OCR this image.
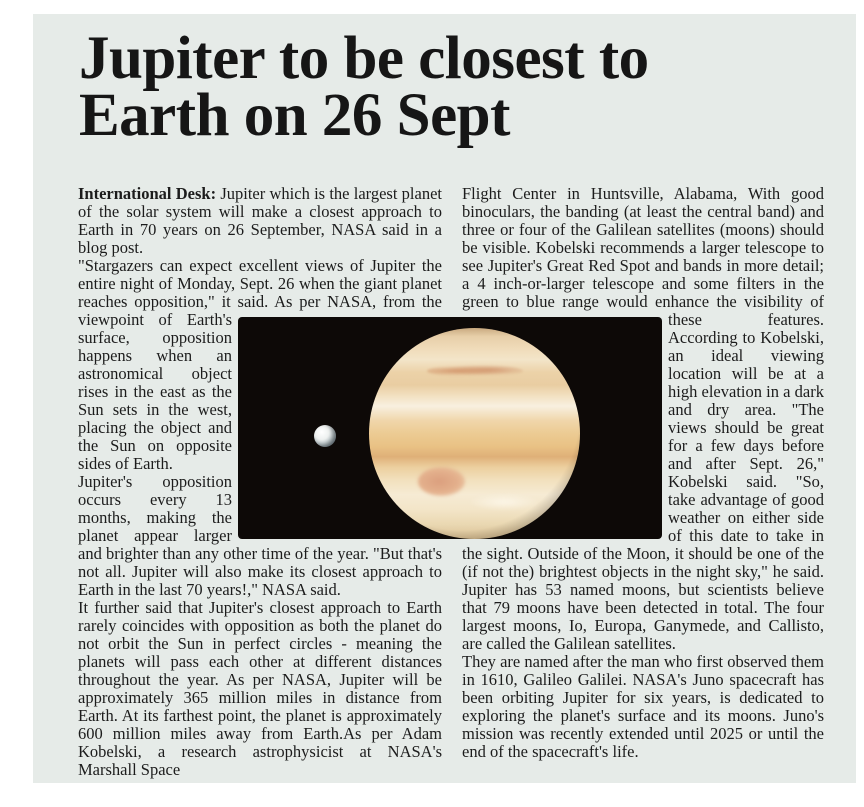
Jupiter to be closest to
Earth on 26 Sept

International Desk: Jupiter which is the largest planet of the solar system will make a closest approach to Earth in 70 years on 26 September, NASA said in a blog post.

"Stargazers can expect excellent views of Jupiter the entire night of Monday, Sept. 26 when the giant planet reaches opposition," it said. As per NASA, from the viewpoint of Earth's surface, opposition happens when an astronomical object rises in the east as the Sun sets in the west, placing the object and the Sun on opposite sides of Earth.

Jupiter's opposition occurs every 13 months, making the planet appear larger and brighter than any other time of the year. "But that's not all. Jupiter will also make its closest approach to Earth in the last 70 years!," NASA said.

It further said that Jupiter's closest approach to Earth rarely coincides with opposition as both the planet do not orbit the Sun in perfect circles - meaning the planets will pass each other at different distances throughout the year. As per NASA, Jupiter will be approximately 365 million miles in distance from Earth. At its farthest point, the planet is approximately 600 million miles away from Earth.As per Adam Kobelski, a research astrophysicist at NASA's Marshall Space

Flight Center in Huntsville, Alabama, With good binoculars, the banding (at least the central band) and three or four of the Galilean satellites (moons) should be visible. Kobelski recommends a larger telescope to see Jupiter's Great Red Spot and bands in more detail; a 4 inch-or-larger telescope and some filters in the green to blue range would enhance the visibility of these features. According to Kobelski, an ideal viewing location will be at a high elevation in a dark and dry area. "The views should be great for a few days before and after Sept. 26," Kobelski said. "So, take advantage of good weather on either side of this date to take in the sight. Outside of the Moon, it should be one of the (if not the) brightest objects in the night sky," he said. Jupiter has 53 named moons, but scientists believe that 79 moons have been detected in total. The four largest moons, Io, Europa, Ganymede, and Callisto, are called the Galilean satellites.

They are named after the man who first observed them in 1610, Galileo Galilei. NASA's Juno spacecraft has been orbiting Jupiter for six years, is dedicated to exploring the planet's surface and its moons. Juno's mission was recently extended until 2025 or until the end of the spacecraft's life.
